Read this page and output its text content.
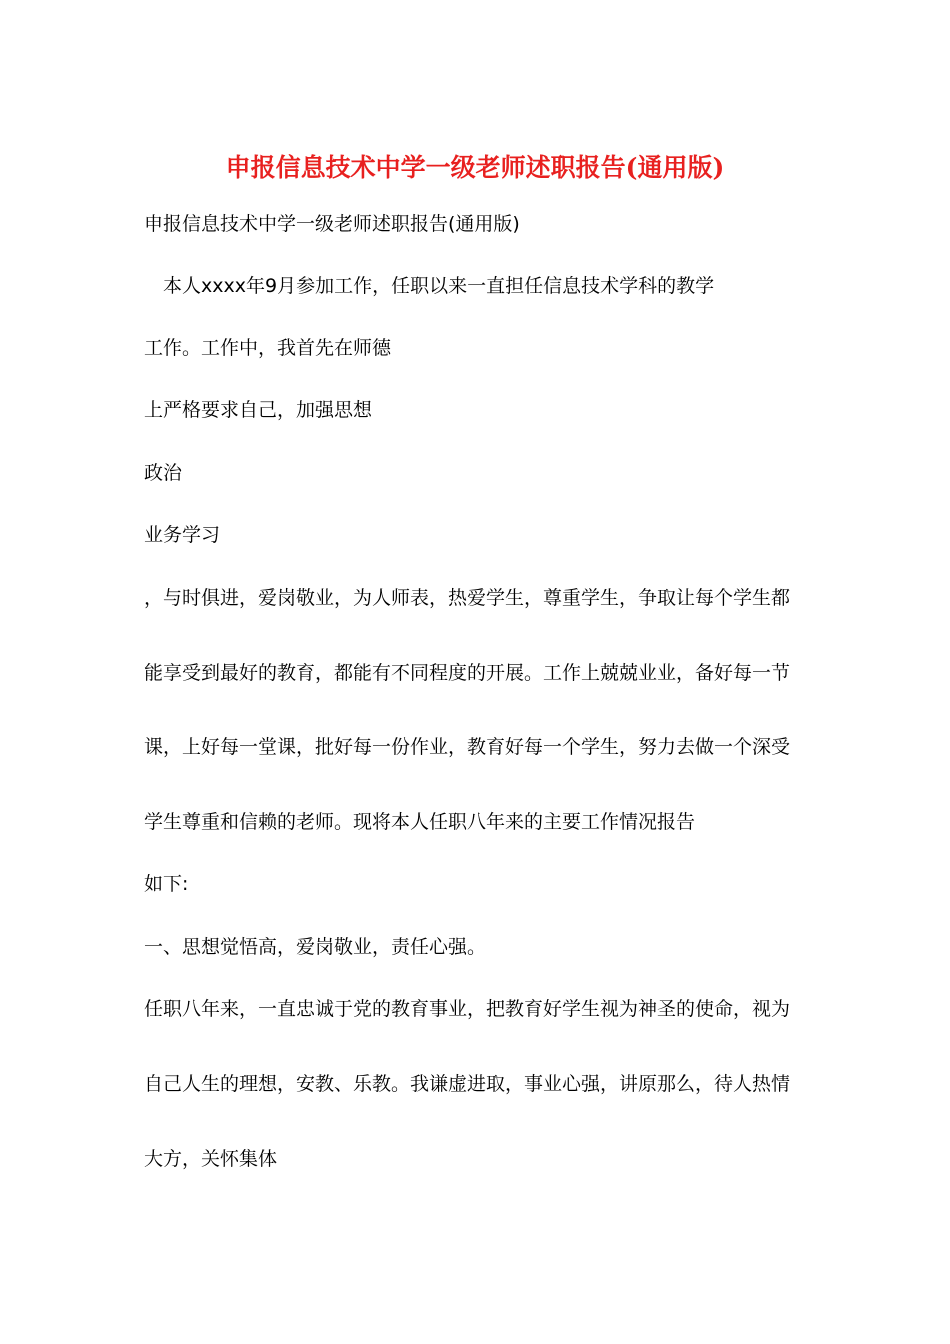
申报信息技术中学一级老师述职报告(通用版)
申报信息技术中学一级老师述职报告(通用版)
本人xxxx年9月参加工作，任职以来一直担任信息技术学科的教学
工作。工作中，我首先在师德
上严格要求自己，加强思想
政治
业务学习
，与时俱进，爱岗敬业，为人师表，热爱学生，尊重学生，争取让每个学生都
能享受到最好的教育，都能有不同程度的开展。工作上兢兢业业，备好每一节
课，上好每一堂课，批好每一份作业，教育好每一个学生，努力去做一个深受
学生尊重和信赖的老师。现将本人任职八年来的主要工作情况报告
如下:
一、思想觉悟高，爱岗敬业，责任心强。
任职八年来，一直忠诚于党的教育事业，把教育好学生视为神圣的使命，视为
自己人生的理想，安教、乐教。我谦虚进取，事业心强，讲原那么，待人热情
大方，关怀集体
